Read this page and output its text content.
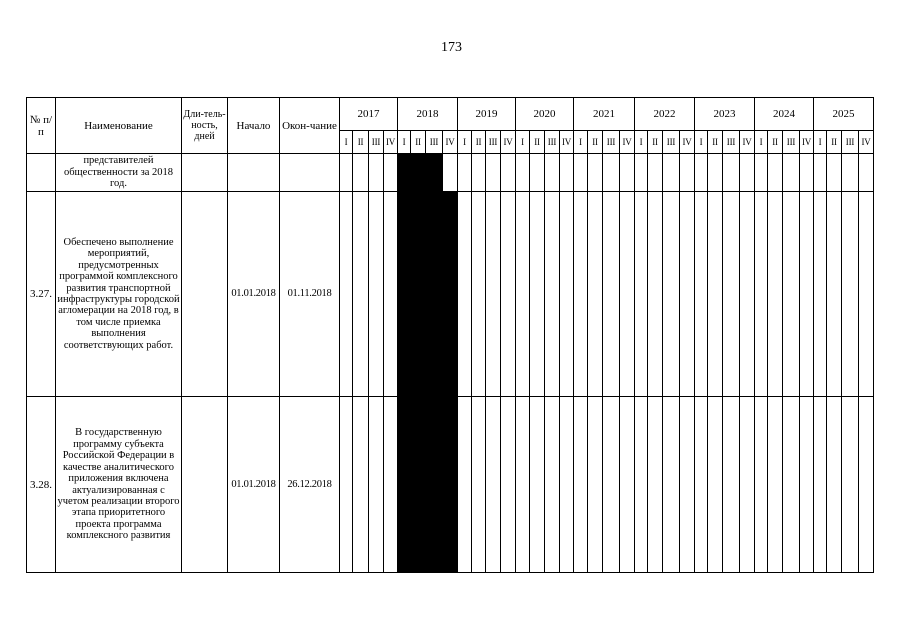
173
№ п/п	Наименование	Дли-тель-ность, дней	Начало	Окон-чание	2017				2018				2019				2020				2021				2022				2023				2024				2025			
					I	II	III	IV	I	II	III	IV	I	II	III	IV	I	II	III	IV	I	II	III	IV	I	II	III	IV	I	II	III	IV	I	II	III	IV	I	II	III	IV
	представителей общественности за 2018 год.																																							
3.27.	Обеспечено выполнение мероприятий, предусмотренных программой комплексного развития транспортной инфраструктуры городской агломерации на 2018 год, в том числе приемка выполнения соответствующих работ.		01.01.2018	01.11.2018																																				
3.28.	В государственную программу субъекта Российской Федерации в качестве аналитического приложения включена актуализированная с учетом реализации второго этапа приоритетного проекта программа комплексного развития		01.01.2018	26.12.2018																																				
